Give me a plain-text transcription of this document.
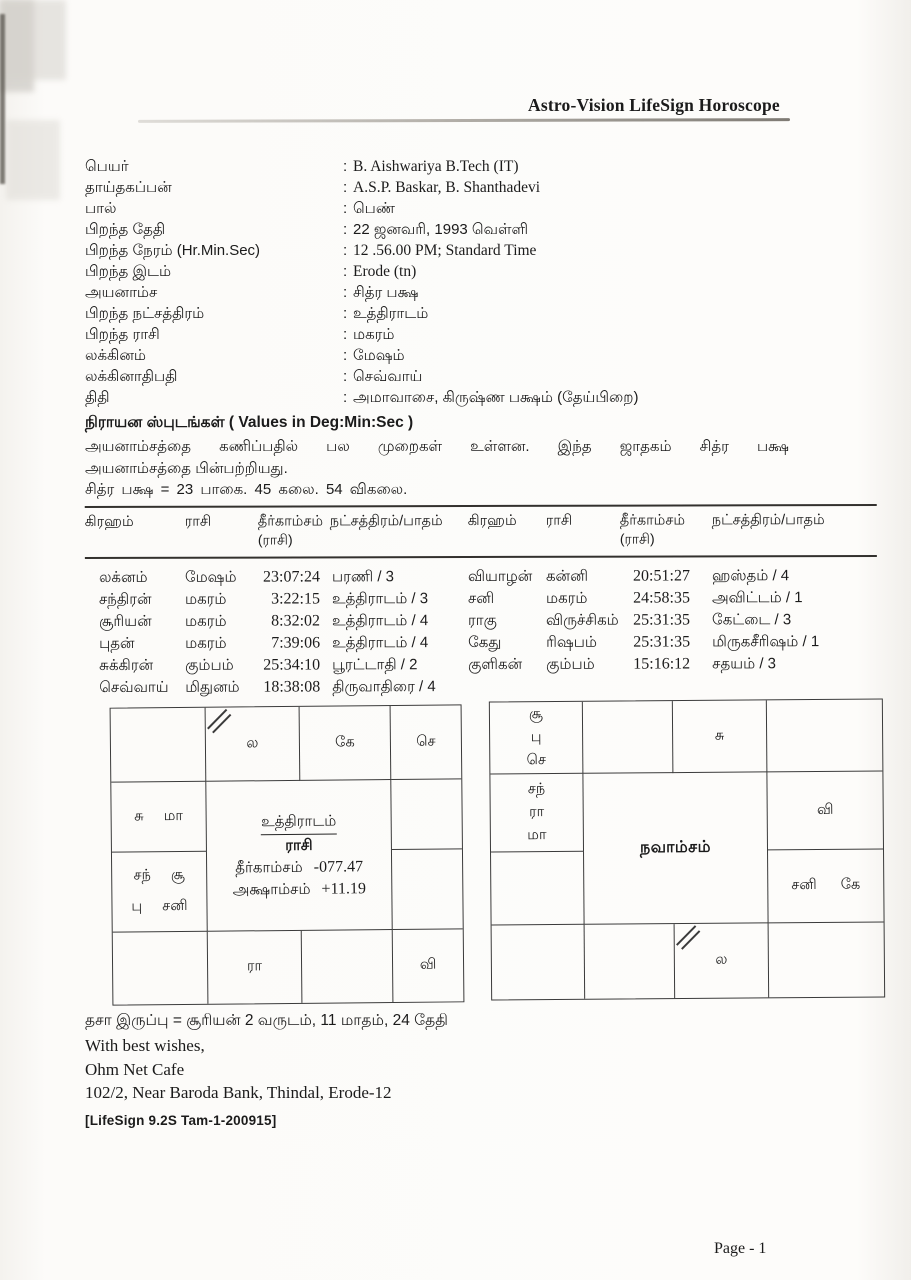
Astro-Vision LifeSign Horoscope
பெயர்	: B. Aishwariya B.Tech (IT)
தாய்தகப்பன்	: A.S.P. Baskar, B. Shanthadevi
பால்	: பெண்
பிறந்த தேதி	: 22 ஜனவரி, 1993 வெள்ளி
பிறந்த நேரம் (Hr.Min.Sec)	: 12 .56.00 PM; Standard Time
பிறந்த இடம்	: Erode (tn)
அயனாம்ச	: சித்ர பக்ஷ
பிறந்த நட்சத்திரம்	: உத்திராடம்
பிறந்த ராசி	: மகரம்
லக்கினம்	: மேஷம்
லக்கினாதிபதி	: செவ்வாய்
திதி	: அமாவாசை, கிருஷ்ண பக்ஷம் (தேய்பிறை)
நிராயன ஸ்புடங்கள் ( Values in Deg:Min:Sec )
அயனாம்சத்தை கணிப்பதில் பல முறைகள் உள்ளன. இந்த ஜாதகம் சித்ர பக்ஷ
அயனாம்சத்தை பின்பற்றியது.
சித்ர பக்ஷ = 23 பாகை. 45 கலை. 54 விகலை.
கிரஹம்	ராசி	தீர்காம்சம்
(ராசி)
நட்சத்திரம்/பாதம்	கிரஹம்	ராசி	தீர்காம்சம்
(ராசி)
நட்சத்திரம்/பாதம்
லக்னம்	மேஷம்	23:07:24 பரணி / 3	வியாழன் கன்னி	20:51:27	ஹஸ்தம் / 4
சந்திரன்	மகரம்	3:22:15 உத்திராடம் / 3	சனி	மகரம்	24:58:35	அவிட்டம் / 1
சூரியன்	மகரம்	8:32:02 உத்திராடம் / 4	ராகு	விருச்சிகம் 25:31:35	கேட்டை / 3
புதன்	மகரம்	7:39:06 உத்திராடம் / 4	கேது	ரிஷபம்	25:31:35	மிருகசீரிஷம் / 1
சுக்கிரன்	கும்பம்	25:34:10 பூரட்டாதி / 2	குளிகன்	கும்பம்	15:16:12	சதயம் / 3
செவ்வாய்	மிதுனம்	18:38:08 திருவாதிரை / 4
ல	கே	செ
சு மா	உத்திராடம்
ராசி
தீர்காம்சம் -077.47
அக்ஷாம்சம் +11.19
சந் சூ
பு சனி
ரா	வி
சூ
பு
செ
சு
சந்
ரா
மா
நவாம்சம்
வி
சனி கே
ல
தசா இருப்பு = சூரியன் 2 வருடம், 11 மாதம், 24 தேதி
With best wishes,
Ohm Net Cafe
102/2, Near Baroda Bank, Thindal, Erode-12
[LifeSign 9.2S Tam-1-200915]
Page - 1
